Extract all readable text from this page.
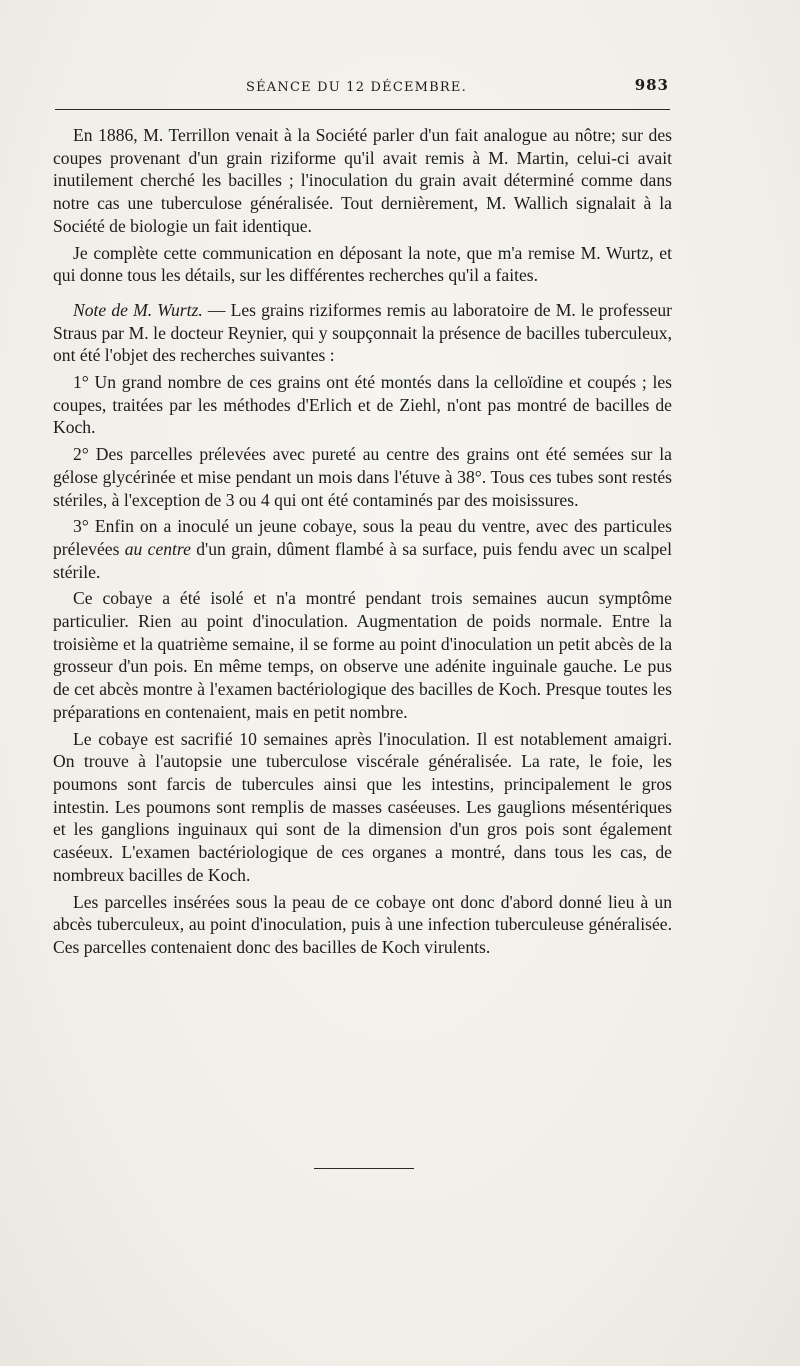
SÉANCE DU 12 DÉCEMBRE.	983

En 1886, M. Terrillon venait à la Société parler d'un fait analogue au nôtre; sur des coupes provenant d'un grain riziforme qu'il avait remis à M. Martin, celui-ci avait inutilement cherché les bacilles ; l'inoculation du grain avait déterminé comme dans notre cas une tuberculose généralisée. Tout dernièrement, M. Wallich signalait à la Société de biologie un fait identique.

Je complète cette communication en déposant la note, que m'a remise M. Wurtz, et qui donne tous les détails, sur les différentes recherches qu'il a faites.

Note de M. Wurtz. — Les grains riziformes remis au laboratoire de M. le professeur Straus par M. le docteur Reynier, qui y soupçonnait la présence de bacilles tuberculeux, ont été l'objet des recherches suivantes :

1° Un grand nombre de ces grains ont été montés dans la celloïdine et coupés ; les coupes, traitées par les méthodes d'Erlich et de Ziehl, n'ont pas montré de bacilles de Koch.

2° Des parcelles prélevées avec pureté au centre des grains ont été semées sur la gélose glycérinée et mise pendant un mois dans l'étuve à 38°. Tous ces tubes sont restés stériles, à l'exception de 3 ou 4 qui ont été contaminés par des moisissures.

3° Enfin on a inoculé un jeune cobaye, sous la peau du ventre, avec des particules prélevées au centre d'un grain, dûment flambé à sa surface, puis fendu avec un scalpel stérile.

Ce cobaye a été isolé et n'a montré pendant trois semaines aucun symptôme particulier. Rien au point d'inoculation. Augmentation de poids normale. Entre la troisième et la quatrième semaine, il se forme au point d'inoculation un petit abcès de la grosseur d'un pois. En même temps, on observe une adénite inguinale gauche. Le pus de cet abcès montre à l'examen bactériologique des bacilles de Koch. Presque toutes les préparations en contenaient, mais en petit nombre.

Le cobaye est sacrifié 10 semaines après l'inoculation. Il est notablement amaigri. On trouve à l'autopsie une tuberculose viscérale généralisée. La rate, le foie, les poumons sont farcis de tubercules ainsi que les intestins, principalement le gros intestin. Les poumons sont remplis de masses caséeuses. Les gauglions mésentériques et les ganglions inguinaux qui sont de la dimension d'un gros pois sont également caséeux. L'examen bactériologique de ces organes a montré, dans tous les cas, de nombreux bacilles de Koch.

Les parcelles insérées sous la peau de ce cobaye ont donc d'abord donné lieu à un abcès tuberculeux, au point d'inoculation, puis à une infection tuberculeuse généralisée. Ces parcelles contenaient donc des bacilles de Koch virulents.
